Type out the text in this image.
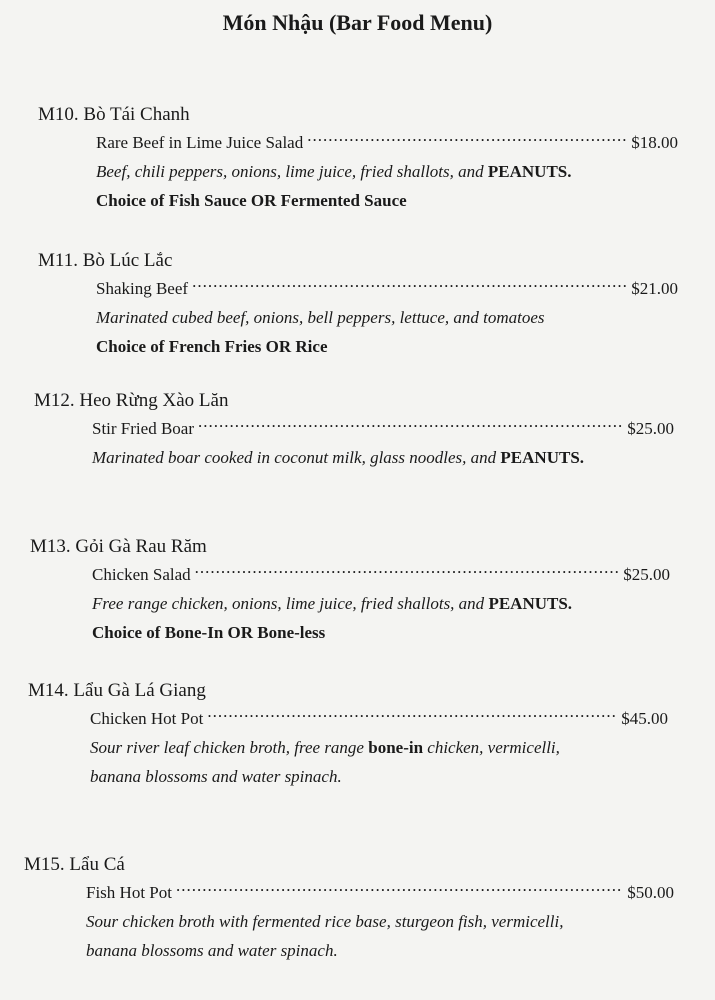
Món Nhậu (Bar Food Menu)
M10. Bò Tái Chanh
Rare Beef in Lime Juice Salad .....	$18.00
Beef, chili peppers, onions, lime juice, fried shallots, and PEANUTS.
Choice of Fish Sauce OR Fermented Sauce
M11. Bò Lúc Lắc
Shaking Beef .....	$21.00
Marinated cubed beef, onions, bell peppers, lettuce, and tomatoes
Choice of French Fries OR Rice
M12. Heo Rừng Xào Lăn
Stir Fried Boar .....	$25.00
Marinated boar cooked in coconut milk, glass noodles, and PEANUTS.
M13. Gỏi Gà Rau Răm
Chicken Salad .....	$25.00
Free range chicken, onions, lime juice, fried shallots, and PEANUTS.
Choice of Bone-In OR Bone-less
M14. Lẩu Gà Lá Giang
Chicken Hot Pot .....	$45.00
Sour river leaf chicken broth, free range bone-in chicken, vermicelli,
banana blossoms and water spinach.
M15. Lẩu Cá
Fish Hot Pot .....	$50.00
Sour chicken broth with fermented rice base, sturgeon fish, vermicelli,
banana blossoms and water spinach.
